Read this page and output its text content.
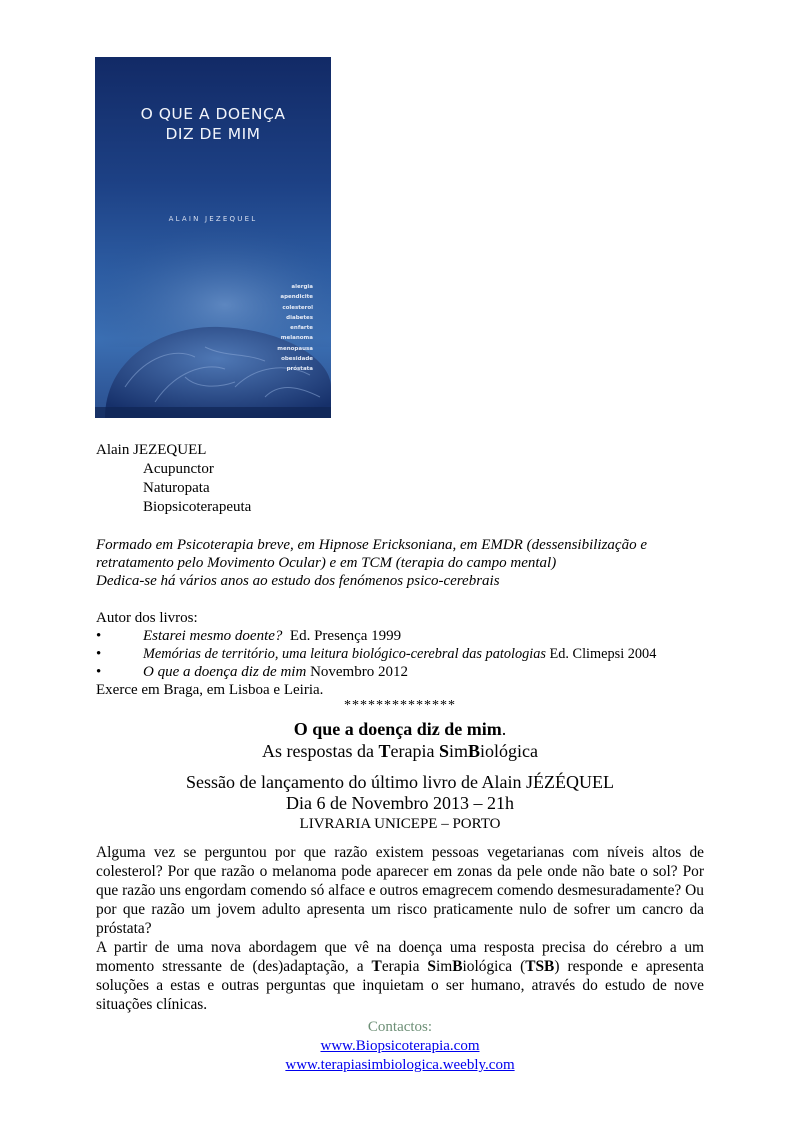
O QUE A DOENÇA
DIZ DE MIM
ALAIN JEZEQUEL
alergia
apendicite
colesterol
diabetes
enfarte
melanoma
menopausa
obesidade
próstata
Alain JEZEQUEL
Acupunctor
Naturopata
Biopsicoterapeuta
Formado em Psicoterapia breve, em Hipnose Ericksoniana, em EMDR (dessensibilização e
retratamento pelo Movimento Ocular) e em TCM (terapia do campo mental)
Dedica-se há vários anos ao estudo dos fenómenos psico-cerebrais
Autor dos livros:
•	Estarei mesmo doente?  Ed. Presença 1999
•	Memórias de território, uma leitura biológico-cerebral das patologias Ed. Climepsi 2004
•	O que a doença diz de mim Novembro 2012
Exerce em Braga, em Lisboa e Leiria.
**************
O que a doença diz de mim.
As respostas da Terapia SimBiológica
Sessão de lançamento do último livro de Alain JÉZÉQUEL
Dia 6 de Novembro 2013 – 21h
LIVRARIA UNICEPE – PORTO
Alguma vez se perguntou por que razão existem pessoas vegetarianas com níveis altos de colesterol? Por que razão o melanoma pode aparecer em zonas da pele onde não bate o sol? Por que razão uns engordam comendo só alface e outros emagrecem comendo desmesuradamente? Ou por que razão um jovem adulto apresenta um risco praticamente nulo de sofrer um cancro da próstata?
A partir de uma nova abordagem que vê na doença uma resposta precisa do cérebro a um momento stressante de (des)adaptação, a Terapia SimBiológica (TSB) responde e apresenta soluções a estas e outras perguntas que inquietam o ser humano, através do estudo de nove situações clínicas.
Contactos:
www.Biopsicoterapia.com
www.terapiasimbiologica.weebly.com
